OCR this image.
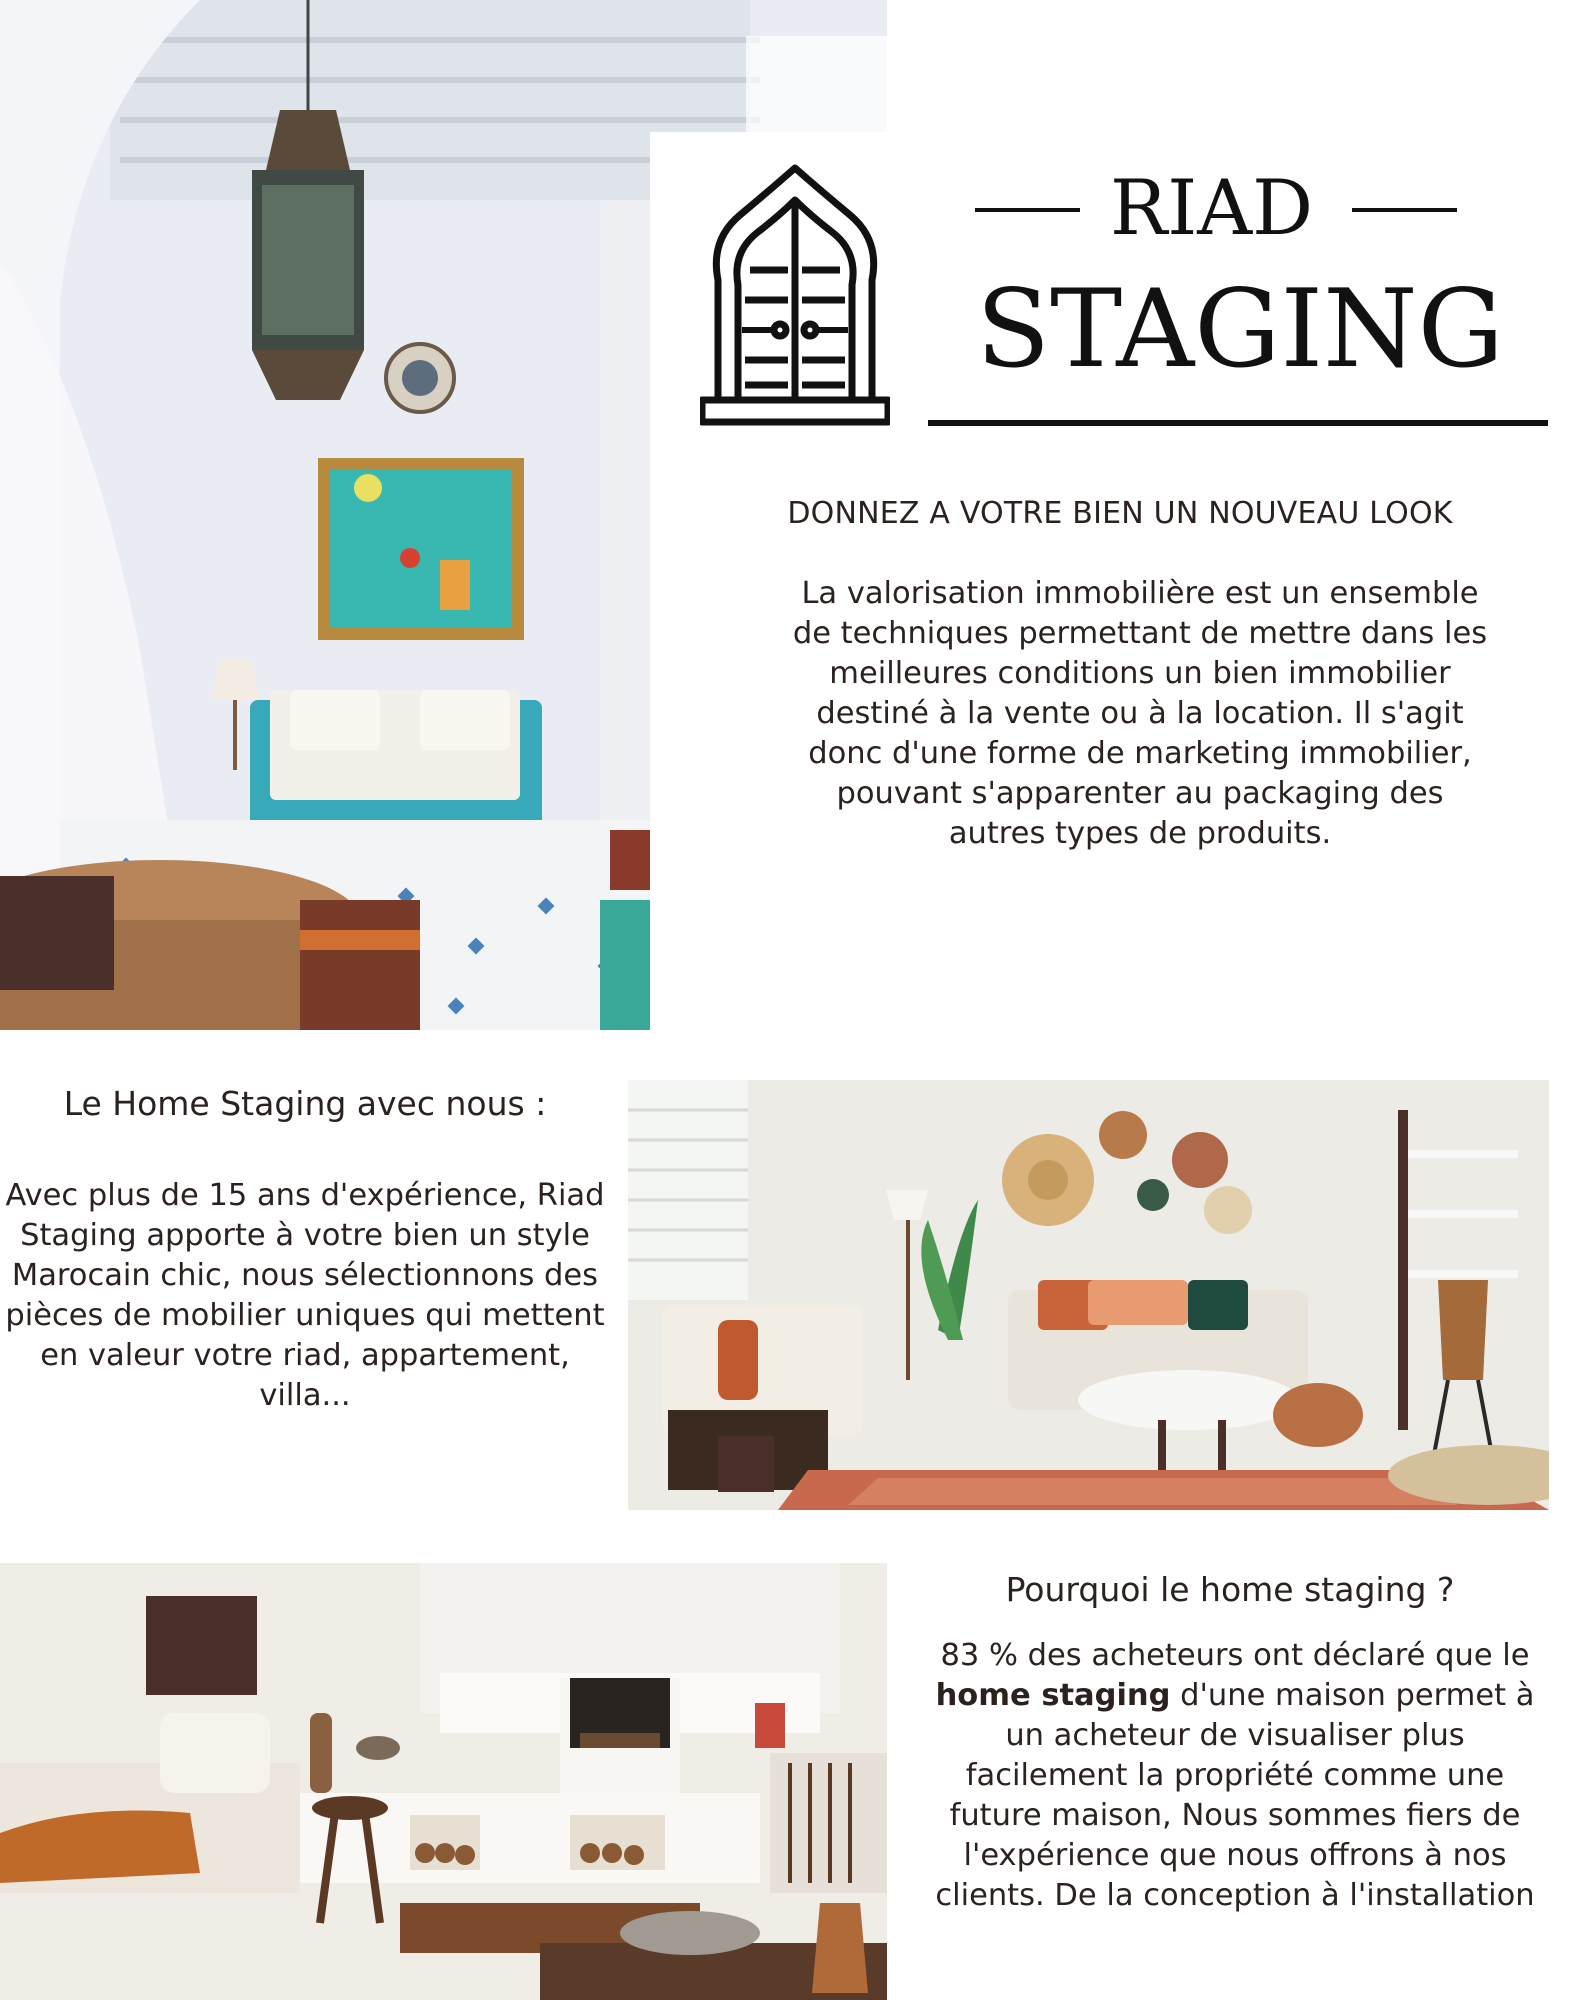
RIAD
STAGING
DONNEZ A VOTRE BIEN UN NOUVEAU LOOK
La valorisation immobilière est un ensemble de techniques permettant de mettre dans les meilleures conditions un bien immobilier destiné à la vente ou à la location. Il s'agit donc d'une forme de marketing immobilier, pouvant s'apparenter au packaging des autres types de produits.
Le Home Staging avec nous :
Avec plus de 15 ans d'expérience, Riad Staging apporte à votre bien un style Marocain chic, nous sélectionnons des pièces de mobilier uniques qui mettent en valeur votre riad, appartement, villa...
Pourquoi le home staging ?
83 % des acheteurs ont déclaré que le home staging d'une maison permet à un acheteur de visualiser plus facilement la propriété comme une future maison, Nous sommes fiers de l'expérience que nous offrons à nos clients. De la conception à l'installation
